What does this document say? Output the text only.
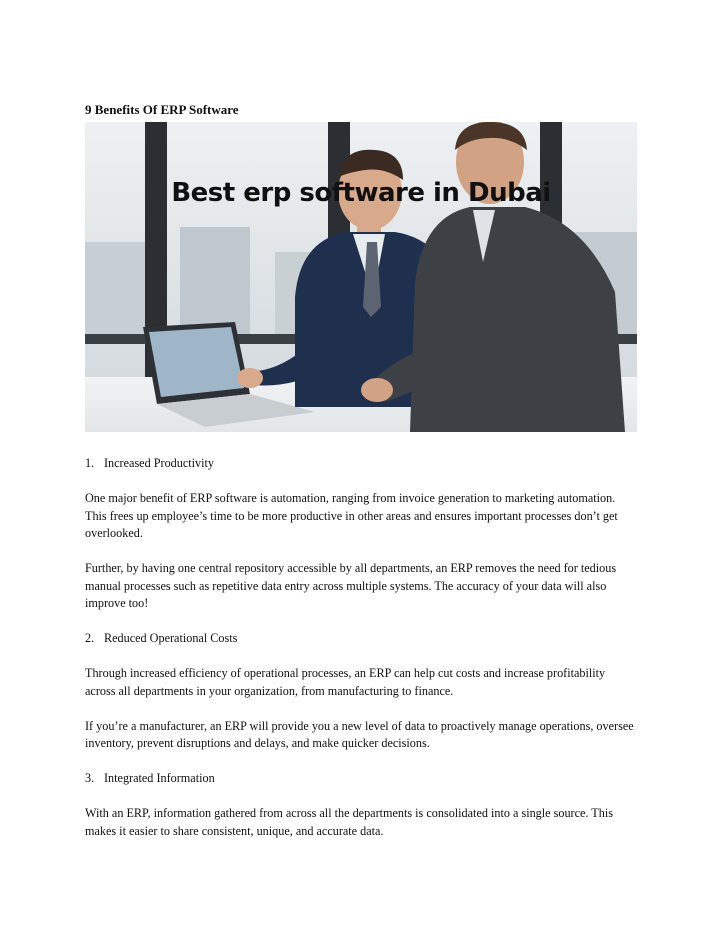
9 Benefits Of ERP Software
Best erp software in Dubai

1. Increased Productivity

One major benefit of ERP software is automation, ranging from invoice generation to marketing automation. This frees up employee’s time to be more productive in other areas and ensures important processes don’t get overlooked.

Further, by having one central repository accessible by all departments, an ERP removes the need for tedious manual processes such as repetitive data entry across multiple systems. The accuracy of your data will also improve too!

2. Reduced Operational Costs

Through increased efficiency of operational processes, an ERP can help cut costs and increase profitability across all departments in your organization, from manufacturing to finance.

If you’re a manufacturer, an ERP will provide you a new level of data to proactively manage operations, oversee inventory, prevent disruptions and delays, and make quicker decisions.

3. Integrated Information

With an ERP, information gathered from across all the departments is consolidated into a single source. This makes it easier to share consistent, unique, and accurate data.
